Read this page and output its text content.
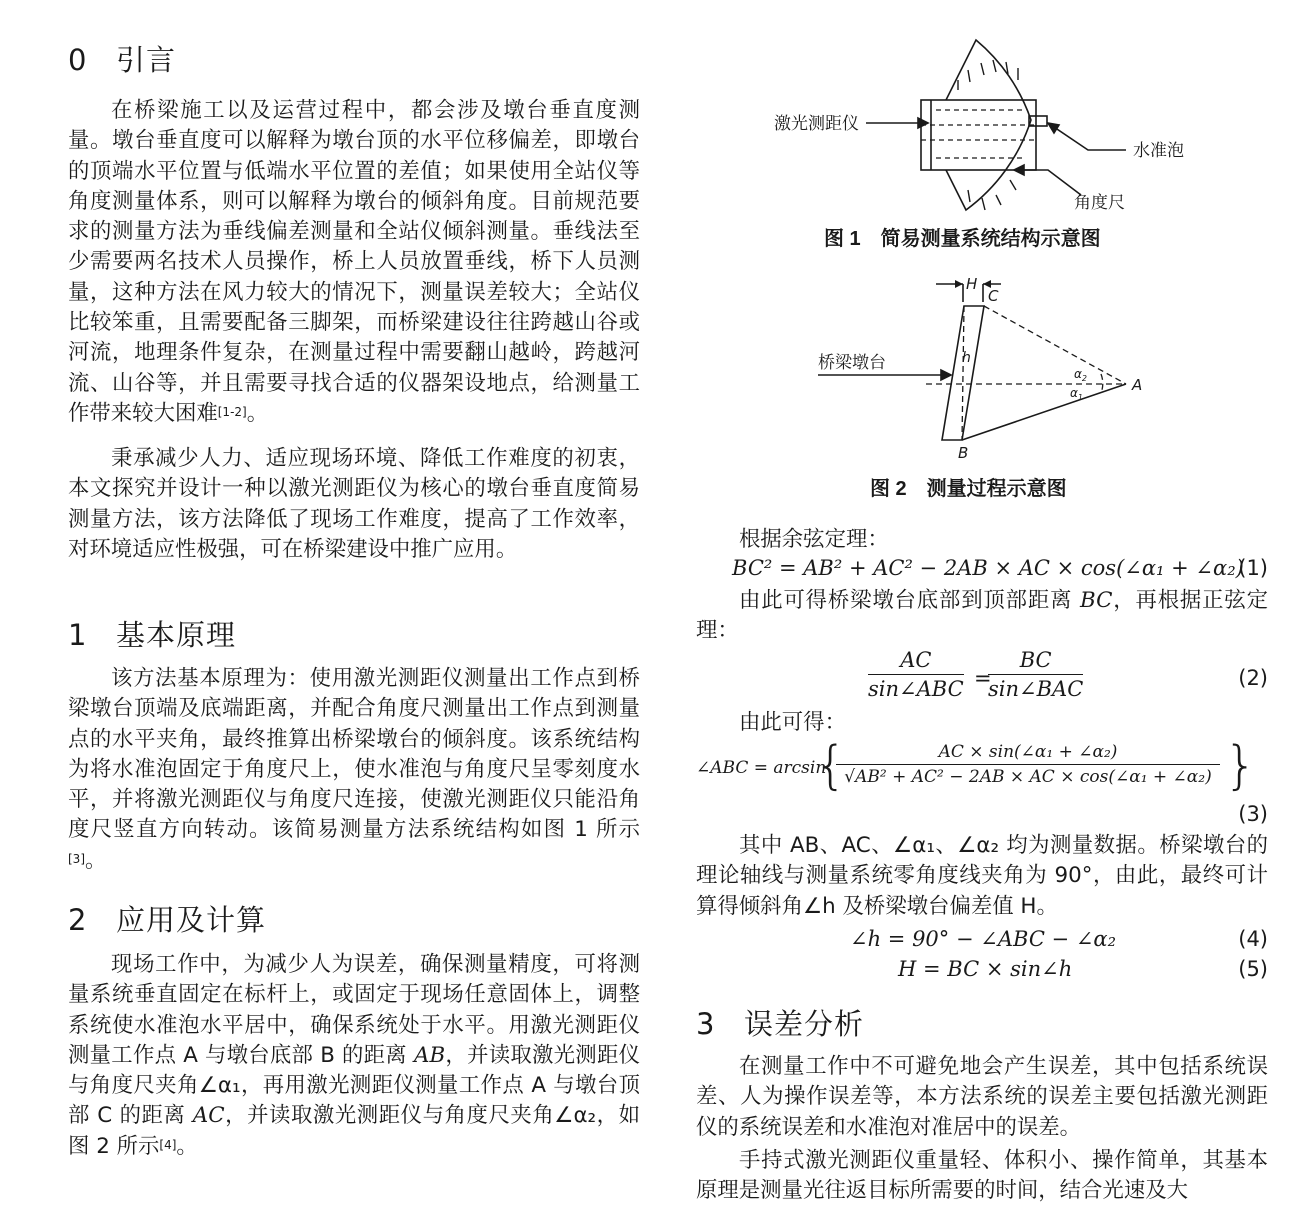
0 引言

在桥梁施工以及运营过程中，都会涉及墩台垂直度测量。墩台垂直度可以解释为墩台顶的水平位移偏差，即墩台的顶端水平位置与低端水平位置的差值；如果使用全站仪等角度测量体系，则可以解释为墩台的倾斜角度。目前规范要求的测量方法为垂线偏差测量和全站仪倾斜测量。垂线法至少需要两名技术人员操作，桥上人员放置垂线，桥下人员测量，这种方法在风力较大的情况下，测量误差较大；全站仪比较笨重，且需要配备三脚架，而桥梁建设往往跨越山谷或河流，地理条件复杂，在测量过程中需要翻山越岭，跨越河流、山谷等，并且需要寻找合适的仪器架设地点，给测量工作带来较大困难[1-2]。

秉承减少人力、适应现场环境、降低工作难度的初衷，本文探究并设计一种以激光测距仪为核心的墩台垂直度简易测量方法，该方法降低了现场工作难度，提高了工作效率，对环境适应性极强，可在桥梁建设中推广应用。

1 基本原理

该方法基本原理为：使用激光测距仪测量出工作点到桥梁墩台顶端及底端距离，并配合角度尺测量出工作点到测量点的水平夹角，最终推算出桥梁墩台的倾斜度。该系统结构为将水准泡固定于角度尺上，使水准泡与角度尺呈零刻度水平，并将激光测距仪与角度尺连接，使激光测距仪只能沿角度尺竖直方向转动。该简易测量方法系统结构如图 1 所示[3]。

2 应用及计算

现场工作中，为减少人为误差，确保测量精度，可将测量系统垂直固定在标杆上，或固定于现场任意固体上，调整系统使水准泡水平居中，确保系统处于水平。用激光测距仪测量工作点 A 与墩台底部 B 的距离 AB，并读取激光测距仪与角度尺夹角∠α₁，再用激光测距仪测量工作点 A 与墩台顶部 C 的距离 AC，并读取激光测距仪与角度尺夹角∠α₂，如图 2 所示[4]。

激光测距仪
水准泡
角度尺
图 1　简易测量系统结构示意图
桥梁墩台
H
C
h
B
A
$\alpha_2$
$\alpha_1$
图 2　测量过程示意图

根据余弦定理：

BC² = AB² + AC² − 2AB × AC × cos(∠α₁ + ∠α₂)
(1)

由此可得桥梁墩台底部到顶部距离 BC，再根据正弦定理：

AC
sin∠ABC =
BC
sin∠BAC	(2)

由此可得：

∠ABC = arcsin
{
$\frac{\text{AC × sin(∠α₁ + ∠α₂)}}{\text{√AB² + AC² − 2AB × AC × cos(∠α₁ + ∠α₂)}}$ }
(3)

其中 AB、AC、∠α₁、∠α₂ 均为测量数据。桥梁墩台的理论轴线与测量系统零角度线夹角为 90°，由此，最终可计算得倾斜角∠h 及桥梁墩台偏差值 H。

∠h = 90° − ∠ABC − ∠α₂	(4)
H = BC × sin∠h	(5)
3 误差分析

在测量工作中不可避免地会产生误差，其中包括系统误差、人为操作误差等，本方法系统的误差主要包括激光测距仪的系统误差和水准泡对准居中的误差。

手持式激光测距仪重量轻、体积小、操作简单，其基本原理是测量光往返目标所需要的时间，结合光速及大
